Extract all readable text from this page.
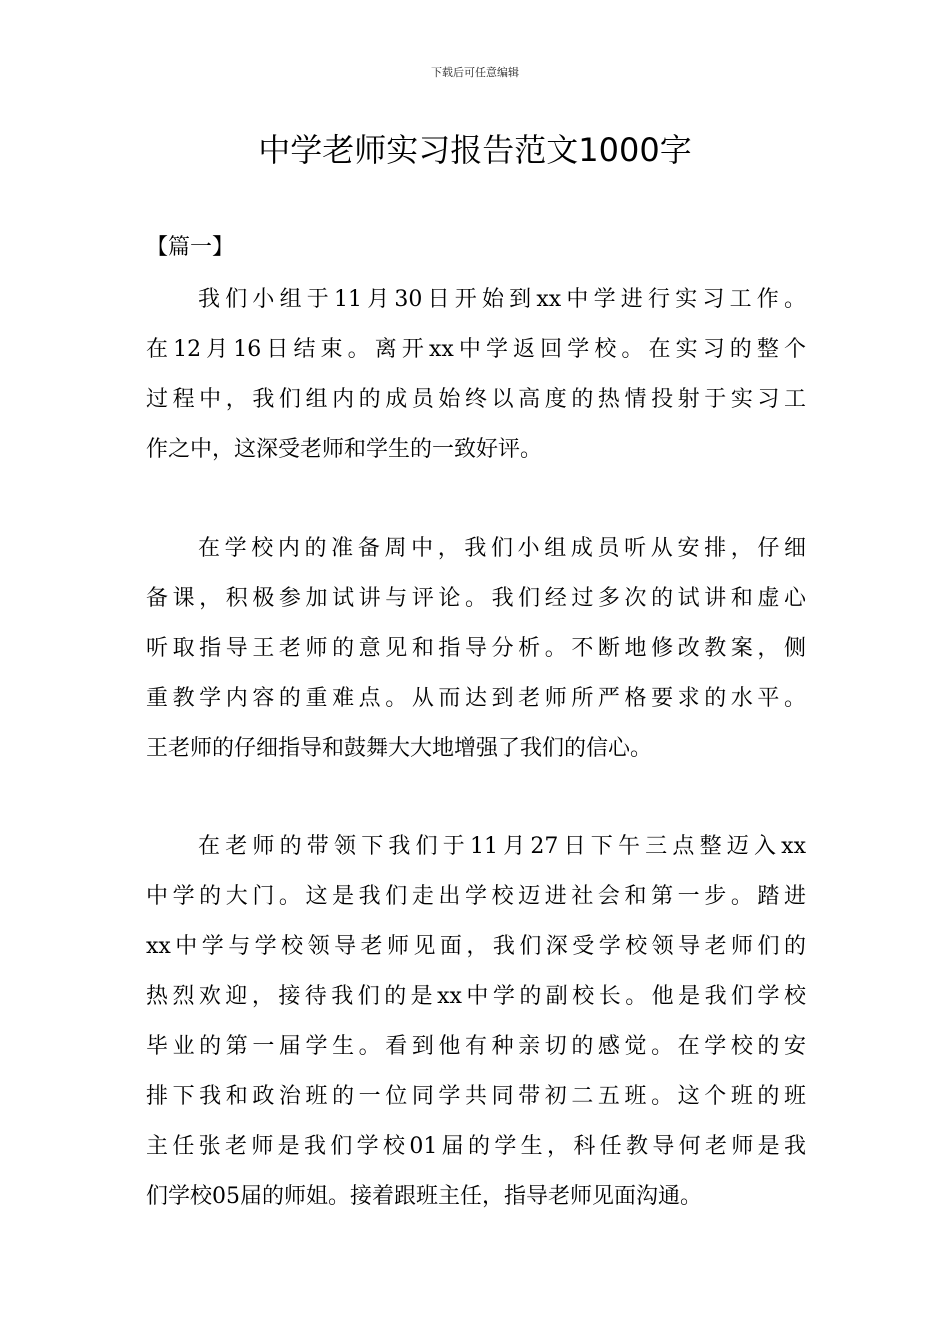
下载后可任意编辑
中学老师实习报告范文1000字
【篇一】
我们小组于11月30日开始到xx中学进行实习工作。
在12月16日结束。离开xx中学返回学校。在实习的整个
过程中，我们组内的成员始终以高度的热情投射于实习工
作之中，这深受老师和学生的一致好评。
在学校内的准备周中，我们小组成员听从安排，仔细
备课，积极参加试讲与评论。我们经过多次的试讲和虚心
听取指导王老师的意见和指导分析。不断地修改教案，侧
重教学内容的重难点。从而达到老师所严格要求的水平。
王老师的仔细指导和鼓舞大大地增强了我们的信心。
在老师的带领下我们于11月27日下午三点整迈入xx
中学的大门。这是我们走出学校迈进社会和第一步。踏进
xx中学与学校领导老师见面，我们深受学校领导老师们的
热烈欢迎，接待我们的是xx中学的副校长。他是我们学校
毕业的第一届学生。看到他有种亲切的感觉。在学校的安
排下我和政治班的一位同学共同带初二五班。这个班的班
主任张老师是我们学校01届的学生，科任教导何老师是我
们学校05届的师姐。接着跟班主任，指导老师见面沟通。
